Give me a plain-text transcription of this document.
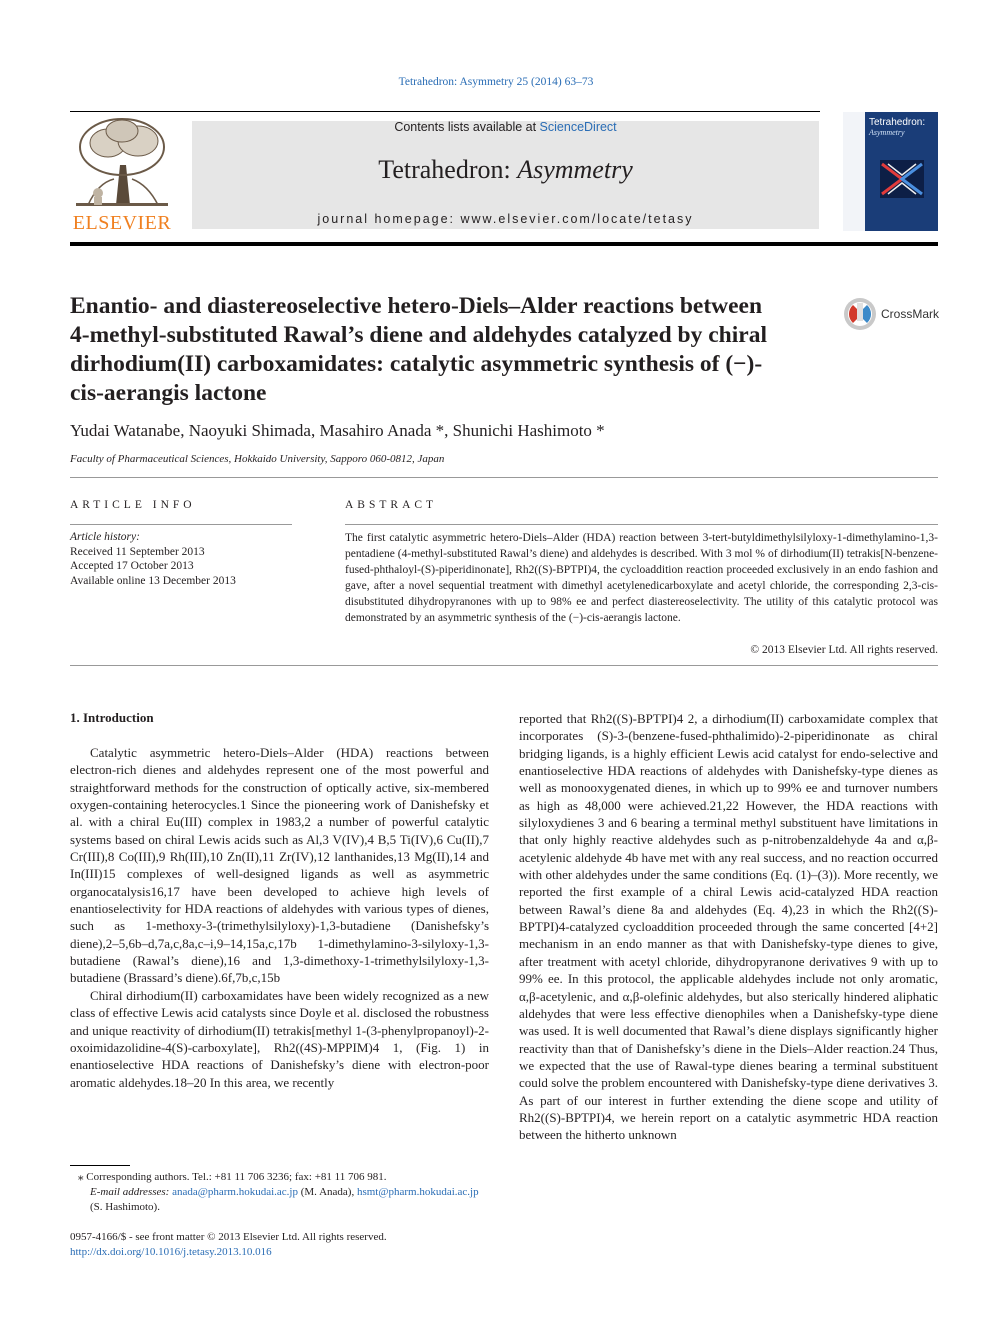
Tetrahedron: Asymmetry 25 (2014) 63–73
ELSEVIER
Contents lists available at ScienceDirect
Tetrahedron: Asymmetry
journal homepage: www.elsevier.com/locate/tetasy
Tetrahedron:
Asymmetry
Enantio- and diastereoselective hetero-Diels–Alder reactions between 4-methyl-substituted Rawal’s diene and aldehydes catalyzed by chiral dirhodium(II) carboxamidates: catalytic asymmetric synthesis of (−)-cis-aerangis lactone
CrossMark
Yudai Watanabe, Naoyuki Shimada, Masahiro Anada *, Shunichi Hashimoto *
Faculty of Pharmaceutical Sciences, Hokkaido University, Sapporo 060-0812, Japan
ARTICLE INFO
Article history:
Received 11 September 2013
Accepted 17 October 2013
Available online 13 December 2013
ABSTRACT
The first catalytic asymmetric hetero-Diels–Alder (HDA) reaction between 3-tert-butyldimethylsilyloxy-1-dimethylamino-1,3-pentadiene (4-methyl-substituted Rawal’s diene) and aldehydes is described. With 3 mol % of dirhodium(II) tetrakis[N-benzene-fused-phthaloyl-(S)-piperidinonate], Rh2((S)-BPTPI)4, the cycloaddition reaction proceeded exclusively in an endo fashion and gave, after a novel sequential treatment with dimethyl acetylenedicarboxylate and acetyl chloride, the corresponding 2,3-cis-disubstituted dihydropyranones with up to 98% ee and perfect diastereoselectivity. The utility of this catalytic protocol was demonstrated by an asymmetric synthesis of the (−)-cis-aerangis lactone.
© 2013 Elsevier Ltd. All rights reserved.
1. Introduction

Catalytic asymmetric hetero-Diels–Alder (HDA) reactions between electron-rich dienes and aldehydes represent one of the most powerful and straightforward methods for the construction of optically active, six-membered oxygen-containing heterocycles.1 Since the pioneering work of Danishefsky et al. with a chiral Eu(III) complex in 1983,2 a number of powerful catalytic systems based on chiral Lewis acids such as Al,3 V(IV),4 B,5 Ti(IV),6 Cu(II),7 Cr(III),8 Co(III),9 Rh(III),10 Zn(II),11 Zr(IV),12 lanthanides,13 Mg(II),14 and In(III)15 complexes of well-designed ligands as well as asymmetric organocatalysis16,17 have been developed to achieve high levels of enantioselectivity for HDA reactions of aldehydes with various types of dienes, such as 1-methoxy-3-(trimethylsilyloxy)-1,3-butadiene (Danishefsky’s diene),2–5,6b–d,7a,c,8a,c–i,9–14,15a,c,17b 1-dimethylamino-3-silyloxy-1,3-butadiene (Rawal’s diene),16 and 1,3-dimethoxy-1-trimethylsilyloxy-1,3-butadiene (Brassard’s diene).6f,7b,c,15b

Chiral dirhodium(II) carboxamidates have been widely recognized as a new class of effective Lewis acid catalysts since Doyle et al. disclosed the robustness and unique reactivity of dirhodium(II) tetrakis[methyl 1-(3-phenylpropanoyl)-2-oxoimidazolidine-4(S)-carboxylate], Rh2((4S)-MPPIM)4 1, (Fig. 1) in enantioselective HDA reactions of Danishefsky’s diene with electron-poor aromatic aldehydes.18–20 In this area, we recently

reported that Rh2((S)-BPTPI)4 2, a dirhodium(II) carboxamidate complex that incorporates (S)-3-(benzene-fused-phthalimido)-2-piperidinonate as chiral bridging ligands, is a highly efficient Lewis acid catalyst for endo-selective and enantioselective HDA reactions of aldehydes with Danishefsky-type dienes as well as monooxygenated dienes, in which up to 99% ee and turnover numbers as high as 48,000 were achieved.21,22 However, the HDA reactions with silyloxydienes 3 and 6 bearing a terminal methyl substituent have limitations in that only highly reactive aldehydes such as p-nitrobenzaldehyde 4a and α,β-acetylenic aldehyde 4b have met with any real success, and no reaction occurred with other aldehydes under the same conditions (Eq. (1)–(3)). More recently, we reported the first example of a chiral Lewis acid-catalyzed HDA reaction between Rawal’s diene 8a and aldehydes (Eq. 4),23 in which the Rh2((S)-BPTPI)4-catalyzed cycloaddition proceeded through the same concerted [4+2] mechanism in an endo manner as that with Danishefsky-type dienes to give, after treatment with acetyl chloride, dihydropyranone derivatives 9 with up to 99% ee. In this protocol, the applicable aldehydes include not only aromatic, α,β-acetylenic, and α,β-olefinic aldehydes, but also sterically hindered aliphatic aldehydes that were less effective dienophiles when a Danishefsky-type diene was used. It is well documented that Rawal’s diene displays significantly higher reactivity than that of Danishefsky’s diene in the Diels–Alder reaction.24 Thus, we expected that the use of Rawal-type dienes bearing a terminal substituent could solve the problem encountered with Danishefsky-type diene derivatives 3. As part of our interest in further extending the diene scope and utility of Rh2((S)-BPTPI)4, we herein report on a catalytic asymmetric HDA reaction between the hitherto unknown

⁎ Corresponding authors. Tel.: +81 11 706 3236; fax: +81 11 706 981.
E-mail addresses: anada@pharm.hokudai.ac.jp (M. Anada), hsmt@pharm.hokudai.ac.jp (S. Hashimoto).
0957-4166/$ - see front matter © 2013 Elsevier Ltd. All rights reserved.
http://dx.doi.org/10.1016/j.tetasy.2013.10.016
